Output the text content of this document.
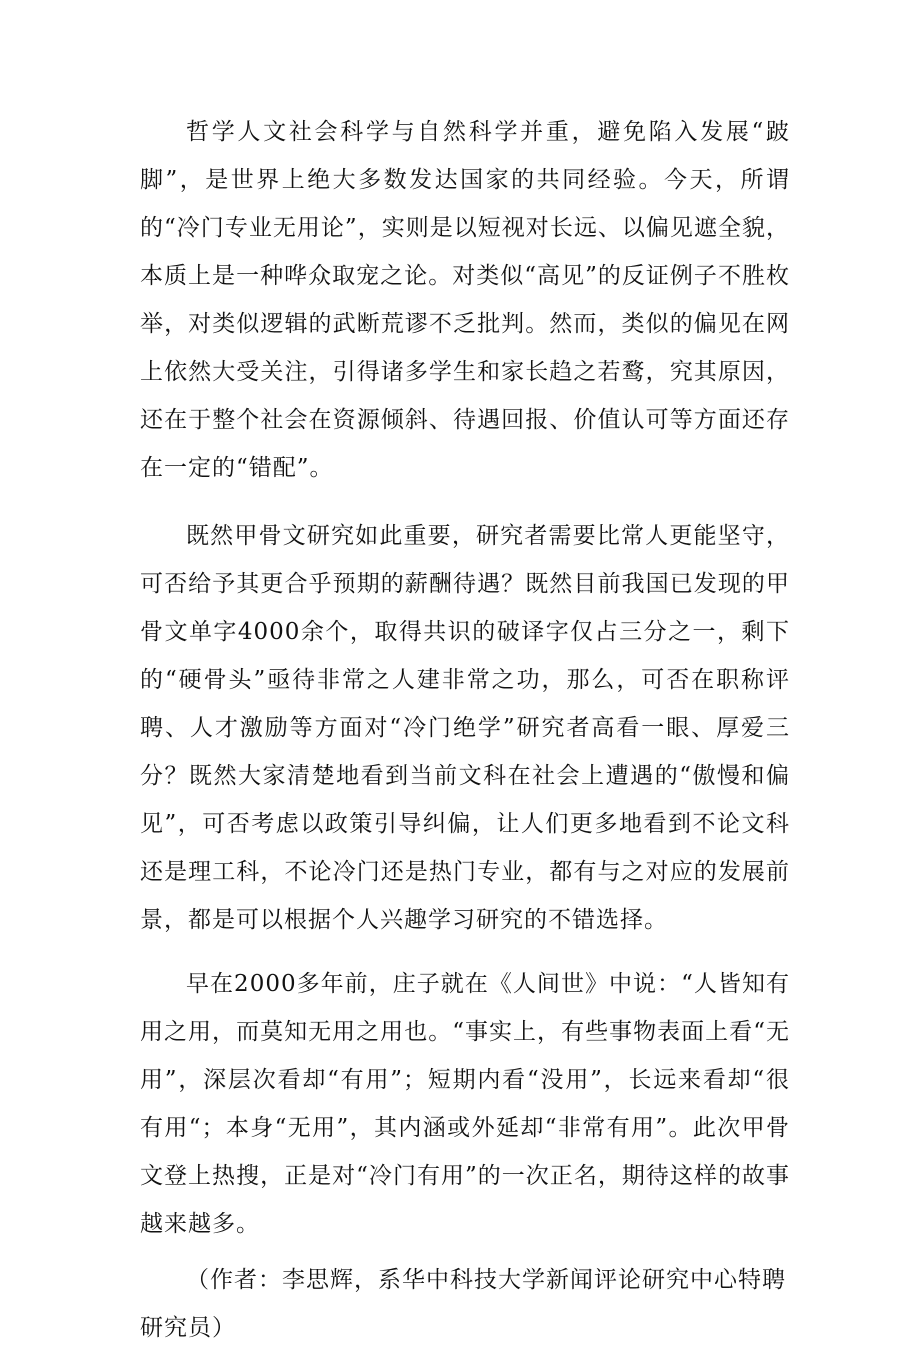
哲学人文社会科学与自然科学并重，避免陷入发展“跛脚”，是世界上绝大多数发达国家的共同经验。今天，所谓的“冷门专业无用论”，实则是以短视对长远、以偏见遮全貌，本质上是一种哗众取宠之论。对类似“高见”的反证例子不胜枚举，对类似逻辑的武断荒谬不乏批判。然而，类似的偏见在网上依然大受关注，引得诸多学生和家长趋之若鹜，究其原因，还在于整个社会在资源倾斜、待遇回报、价值认可等方面还存在一定的“错配”。

既然甲骨文研究如此重要，研究者需要比常人更能坚守，可否给予其更合乎预期的薪酬待遇？既然目前我国已发现的甲骨文单字4000余个，取得共识的破译字仅占三分之一，剩下的“硬骨头”亟待非常之人建非常之功，那么，可否在职称评聘、人才激励等方面对“冷门绝学”研究者高看一眼、厚爱三分？既然大家清楚地看到当前文科在社会上遭遇的“傲慢和偏见”，可否考虑以政策引导纠偏，让人们更多地看到不论文科还是理工科，不论冷门还是热门专业，都有与之对应的发展前景，都是可以根据个人兴趣学习研究的不错选择。

早在2000多年前，庄子就在《人间世》中说：“人皆知有用之用，而莫知无用之用也。“事实上，有些事物表面上看“无用”，深层次看却“有用”；短期内看“没用”，长远来看却“很有用“；本身“无用”，其内涵或外延却“非常有用”。此次甲骨文登上热搜，正是对“冷门有用”的一次正名，期待这样的故事越来越多。

（作者：李思辉，系华中科技大学新闻评论研究中心特聘研究员）
